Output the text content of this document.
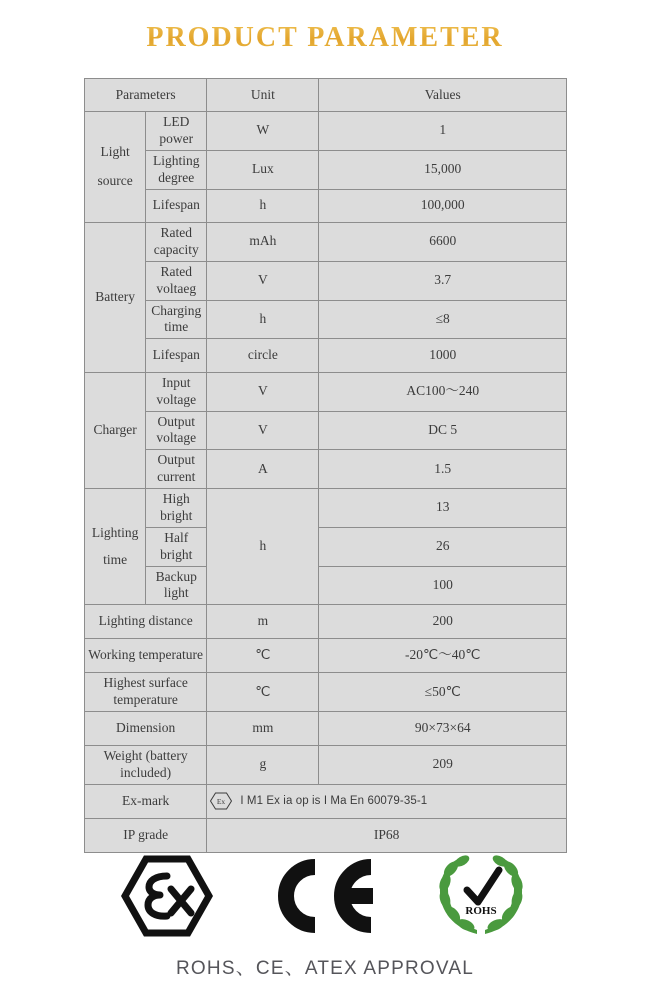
PRODUCT PARAMETER
Parameters		Unit	Values

Light
source	LED power	W	1
	Lighting degree	Lux	15,000
	Lifespan	h	100,000
Battery	Rated capacity	mAh	6600
	Rated voltaeg	V	3.7
	Charging time	h	≤8
	Lifespan	circle	1000
Charger	Input voltage	V	AC100〜240
	Output voltage	V	DC 5
	Output current	A	1.5

Lighting
time	High bright	h	13
	Half bright		26
	Backup light		100
Lighting distance		m	200
Working temperature		℃	-20℃〜40℃
Highest surface temperature		℃	≤50℃
Dimension		mm	90×73×64
Weight (battery included)		g	209
Ex-mark		Ex I M1 Ex ia op is I Ma En 60079-35-1	

IP grade		IP68	
ROHS
ROHS、CE、ATEX APPROVAL
